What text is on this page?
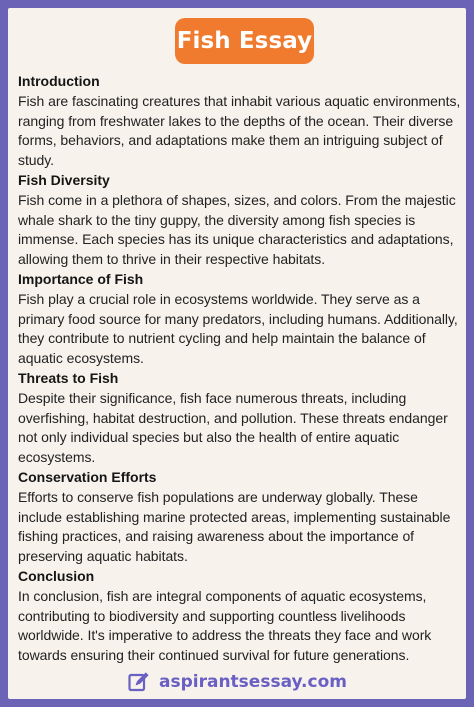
Fish Essay
Introduction

Fish are fascinating creatures that inhabit various aquatic environments, ranging from freshwater lakes to the depths of the ocean. Their diverse forms, behaviors, and adaptations make them an intriguing subject of study.

Fish Diversity

Fish come in a plethora of shapes, sizes, and colors. From the majestic whale shark to the tiny guppy, the diversity among fish species is immense. Each species has its unique characteristics and adaptations, allowing them to thrive in their respective habitats.

Importance of Fish

Fish play a crucial role in ecosystems worldwide. They serve as a primary food source for many predators, including humans. Additionally, they contribute to nutrient cycling and help maintain the balance of aquatic ecosystems.

Threats to Fish

Despite their significance, fish face numerous threats, including overfishing, habitat destruction, and pollution. These threats endanger not only individual species but also the health of entire aquatic ecosystems.

Conservation Efforts

Efforts to conserve fish populations are underway globally. These include establishing marine protected areas, implementing sustainable fishing practices, and raising awareness about the importance of preserving aquatic habitats.

Conclusion

In conclusion, fish are integral components of aquatic ecosystems, contributing to biodiversity and supporting countless livelihoods worldwide. It's imperative to address the threats they face and work towards ensuring their continued survival for future generations.

aspirantsessay.com
